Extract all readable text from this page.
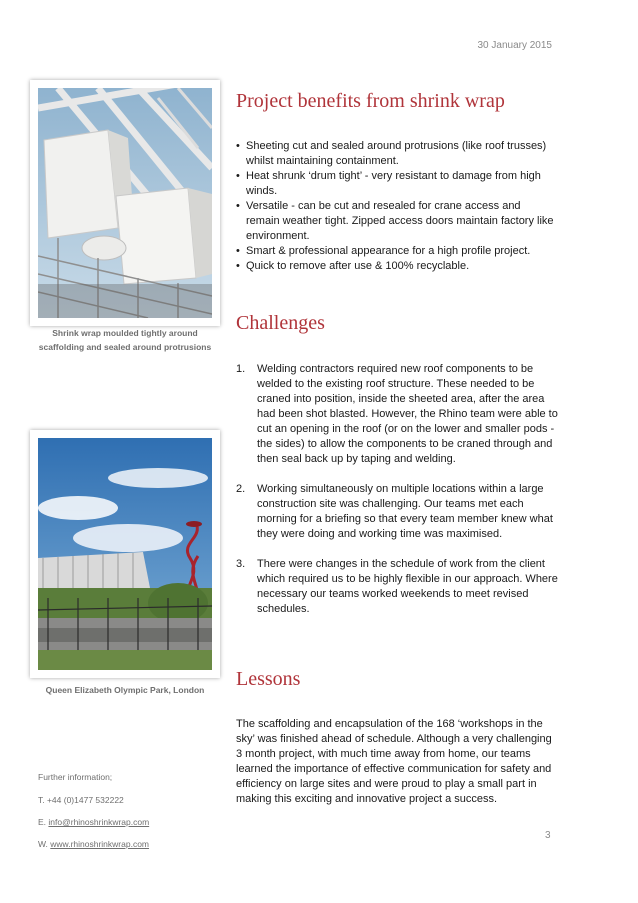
30 January 2015
Shrink wrap moulded tightly around
scaffolding and sealed around protrusions
Queen Elizabeth Olympic Park, London
Project benefits from shrink wrap
• Sheeting cut and sealed around protrusions (like roof trusses) whilst maintaining containment.
• Heat shrunk ‘drum tight’ - very resistant to damage from high winds.
• Versatile - can be cut and resealed for crane access and remain weather tight. Zipped access doors maintain factory like environment.
• Smart & professional appearance for a high profile project.
• Quick to remove after use & 100% recyclable.
Challenges
1. Welding contractors required new roof components to be welded to the existing roof structure. These needed to be craned into position, inside the sheeted area, after the area had been shot blasted. However, the Rhino team were able to cut an opening in the roof (or on the lower and smaller pods - the sides) to allow the components to be craned through and then seal back up by taping and welding.
2. Working simultaneously on multiple locations within a large construction site was challenging. Our teams met each morning for a briefing so that every team member knew what they were doing and working time was maximised.
3. There were changes in the schedule of work from the client which required us to be highly flexible in our approach. Where necessary our teams worked weekends to meet revised schedules.
Lessons

The scaffolding and encapsulation of the 168 ‘workshops in the sky’ was finished ahead of schedule. Although a very challenging 3 month project, with much time away from home, our teams learned the importance of effective communication for safety and efficiency on large sites and were proud to play a small part in making this exciting and innovative project a success.

Further information;
T. +44 (0)1477 532222
E. info@rhinoshrinkwrap.com
W. www.rhinoshrinkwrap.com
3
